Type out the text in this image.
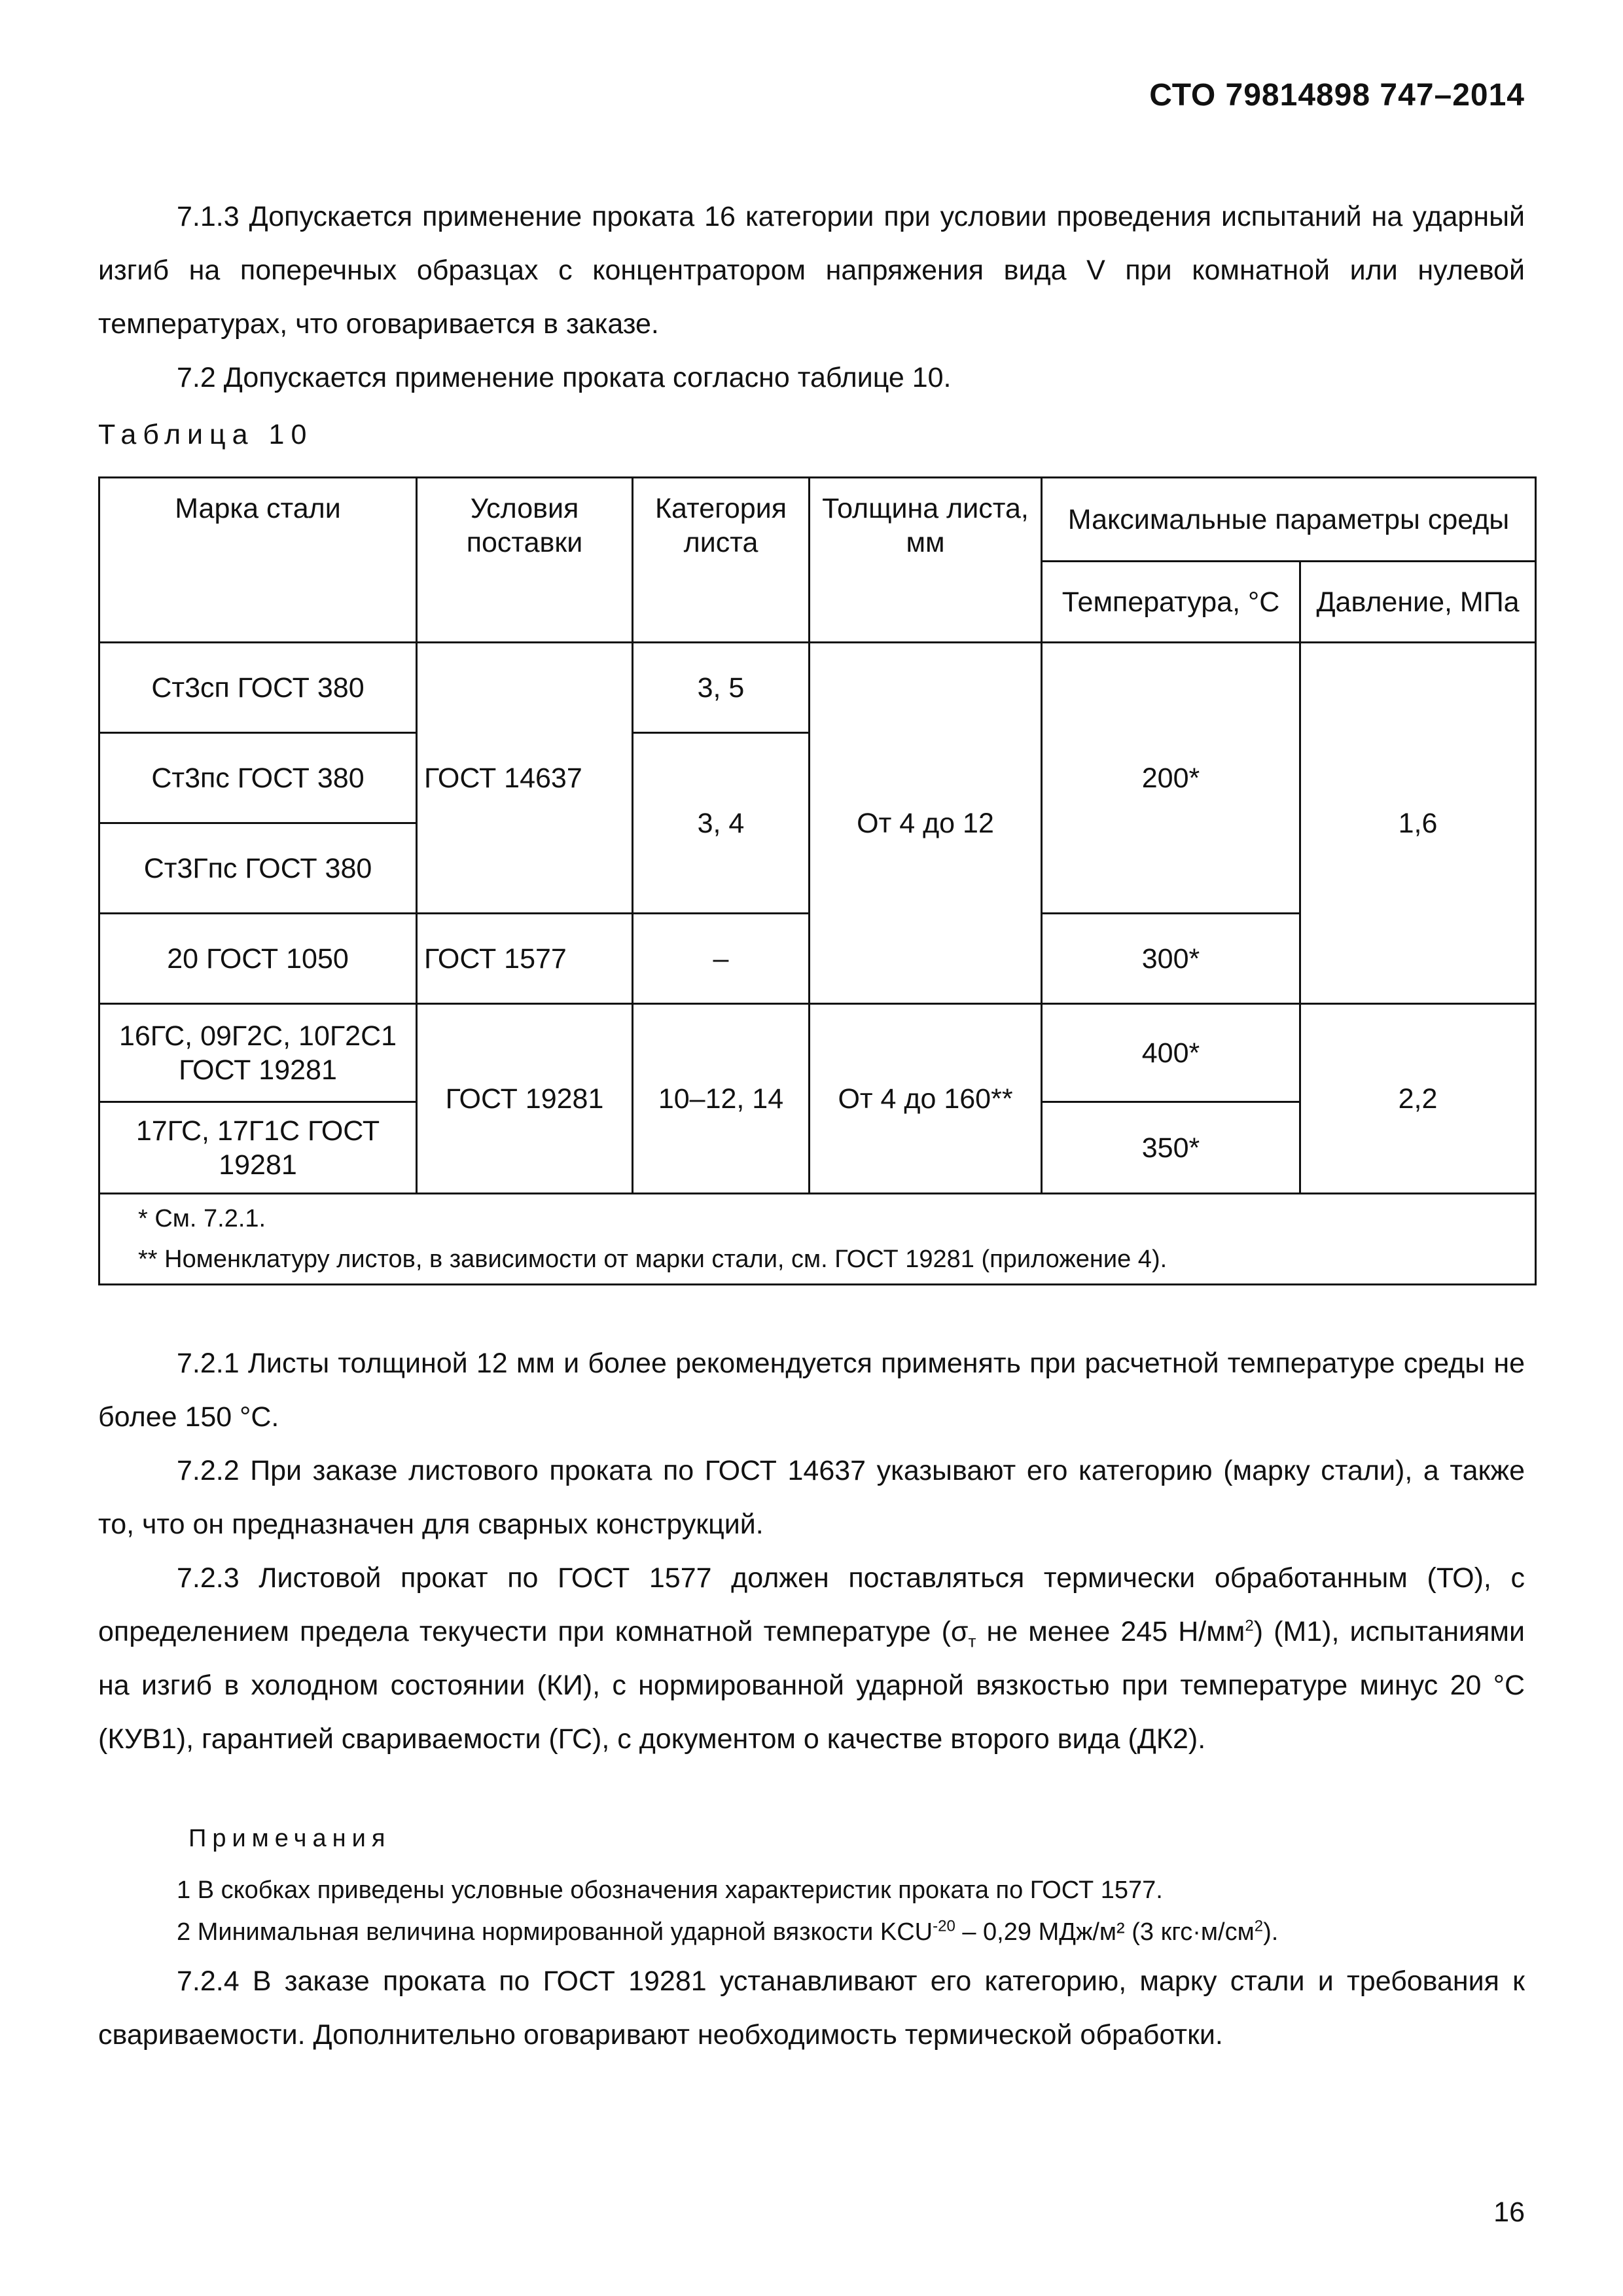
СТО 79814898 747–2014

7.1.3 Допускается применение проката 16 категории при условии проведения испытаний на ударный изгиб на поперечных образцах с концентратором напряжения вида V при комнатной или нулевой температурах, что оговаривается в заказе.

7.2 Допускается применение проката согласно таблице 10.

Таблица 10
Марка стали	Условия поставки	Категория листа	Толщина листа, мм	Максимальные параметры среды	
				Температура, °С	Давление, МПа
Ст3сп ГОСТ 380	ГОСТ 14637	3, 5	От 4 до 12	200*	1,6
Ст3пс ГОСТ 380		3, 4			
Ст3Гпс ГОСТ 380					
20 ГОСТ 1050	ГОСТ 1577	–		300*	
16ГС, 09Г2С, 10Г2С1 ГОСТ 19281	ГОСТ 19281	10–12, 14	От 4 до 160**	400*	2,2
17ГС, 17Г1С ГОСТ 19281				350*	

* См. 7.2.1.
** Номенклатуру листов, в зависимости от марки стали, см. ГОСТ 19281 (приложение 4).					

7.2.1 Листы толщиной 12 мм и более рекомендуется применять при расчетной температуре среды не более 150 °С.

7.2.2 При заказе листового проката по ГОСТ 14637 указывают его категорию (марку стали), а также то, что он предназначен для сварных конструкций.

7.2.3 Листовой прокат по ГОСТ 1577 должен поставляться термически обработанным (ТО), с определением предела текучести при комнатной температуре ($\sigma_т$ не менее 245 $Н/мм^2$) (М1), испытаниями на изгиб в холодном состоянии (КИ), с нормированной ударной вязкостью при температуре минус 20 °С (КУВ1), гарантией свариваемости (ГС), с документом о качестве второго вида (ДК2).

Примечания
1 В скобках приведены условные обозначения характеристик проката по ГОСТ 1577.
2 Минимальная величина нормированной ударной вязкости $KCU^{-20} - 0,29$ МДж/м² (3 $кгс\cdot м/см^2$).

7.2.4 В заказе проката по ГОСТ 19281 устанавливают его категорию, марку стали и требования к свариваемости. Дополнительно оговаривают необходимость термической обработки.

16
